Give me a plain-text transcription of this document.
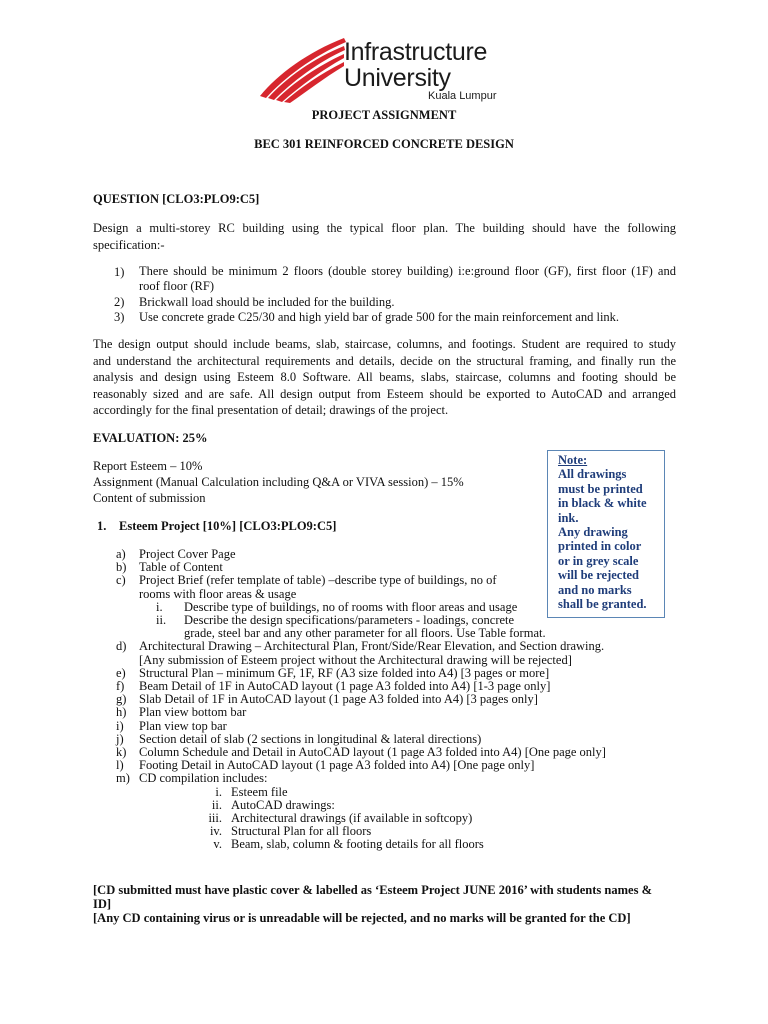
Infrastructure
University
Kuala Lumpur
PROJECT ASSIGNMENT
BEC 301 REINFORCED CONCRETE DESIGN
QUESTION [CLO3:PLO9:C5]
Design a multi-storey RC building using the typical floor plan. The building should have the following
specification:-
1) There should be minimum 2 floors (double storey building) i:e:ground floor (GF), first floor (1F) and
roof floor (RF)
2) Brickwall load should be included for the building.
3) Use concrete grade C25/30 and high yield bar of grade 500 for the main reinforcement and link.
The design output should include beams, slab, staircase, columns, and footings. Student are required to study
and understand the architectural requirements and details, decide on the structural framing, and finally run the
analysis and design using Esteem 8.0 Software. All beams, slabs, staircase, columns and footing should be
reasonably sized and are safe. All design output from Esteem should be exported to AutoCAD and arranged
accordingly for the final presentation of detail; drawings of the project.
EVALUATION: 25%
Report Esteem – 10%
Assignment (Manual Calculation including Q&A or VIVA session) – 15%
Content of submission
Note:
All drawings
must be printed
in black & white
ink.
Any drawing
printed in color
or in grey scale
will be rejected
and no marks
shall be granted.
1. Esteem Project [10%] [CLO3:PLO9:C5]
a) Project Cover Page
b) Table of Content
c) Project Brief (refer template of table) –describe type of buildings, no of
rooms with floor areas & usage
i. Describe type of buildings, no of rooms with floor areas and usage
ii. Describe the design specifications/parameters - loadings, concrete
grade, steel bar and any other parameter for all floors. Use Table format.
d) Architectural Drawing – Architectural Plan, Front/Side/Rear Elevation, and Section drawing.
[Any submission of Esteem project without the Architectural drawing will be rejected]
e) Structural Plan – minimum GF, 1F, RF (A3 size folded into A4) [3 pages or more]
f) Beam Detail of 1F in AutoCAD layout (1 page A3 folded into A4) [1-3 page only]
g) Slab Detail of 1F in AutoCAD layout (1 page A3 folded into A4) [3 pages only]
h) Plan view bottom bar
i) Plan view top bar
j) Section detail of slab (2 sections in longitudinal & lateral directions)
k) Column Schedule and Detail in AutoCAD layout (1 page A3 folded into A4) [One page only]
l) Footing Detail in AutoCAD layout (1 page A3 folded into A4) [One page only]
m) CD compilation includes:
i. Esteem file
ii. AutoCAD drawings:
iii. Architectural drawings (if available in softcopy)
iv. Structural Plan for all floors
v. Beam, slab, column & footing details for all floors
[CD submitted must have plastic cover & labelled as ‘Esteem Project JUNE 2016’ with students names &
ID]
[Any CD containing virus or is unreadable will be rejected, and no marks will be granted for the CD]
